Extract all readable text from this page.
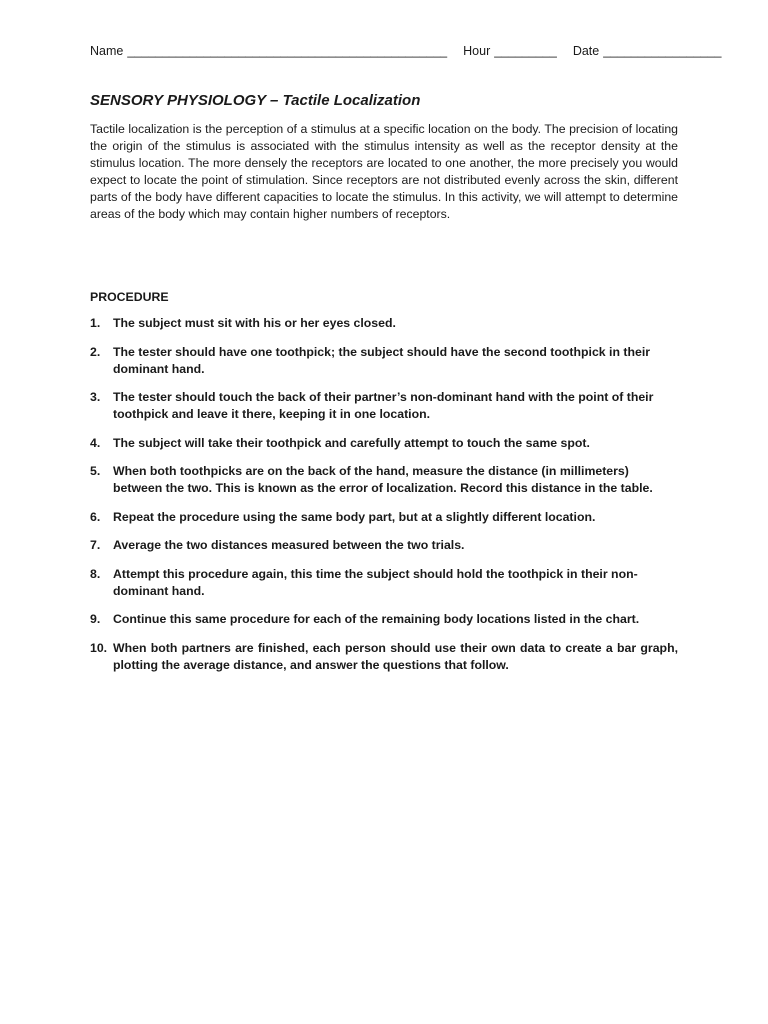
Name ______________________________________________ Hour _________ Date _________________
SENSORY PHYSIOLOGY – Tactile Localization

Tactile localization is the perception of a stimulus at a specific location on the body. The precision of locating the origin of the stimulus is associated with the stimulus intensity as well as the receptor density at the stimulus location. The more densely the receptors are located to one another, the more precisely you would expect to locate the point of stimulation. Since receptors are not distributed evenly across the skin, different parts of the body have different capacities to locate the stimulus. In this activity, we will attempt to determine areas of the body which may contain higher numbers of receptors.

PROCEDURE

1. The subject must sit with his or her eyes closed.
2. The tester should have one toothpick; the subject should have the second toothpick in their dominant hand.
3. The tester should touch the back of their partner’s non-dominant hand with the point of their toothpick and leave it there, keeping it in one location.
4. The subject will take their toothpick and carefully attempt to touch the same spot.
5. When both toothpicks are on the back of the hand, measure the distance (in millimeters) between the two. This is known as the error of localization. Record this distance in the table.
6. Repeat the procedure using the same body part, but at a slightly different location.
7. Average the two distances measured between the two trials.
8. Attempt this procedure again, this time the subject should hold the toothpick in their non-dominant hand.
9. Continue this same procedure for each of the remaining body locations listed in the chart.
10. When both partners are finished, each person should use their own data to create a bar graph, plotting the average distance, and answer the questions that follow.
